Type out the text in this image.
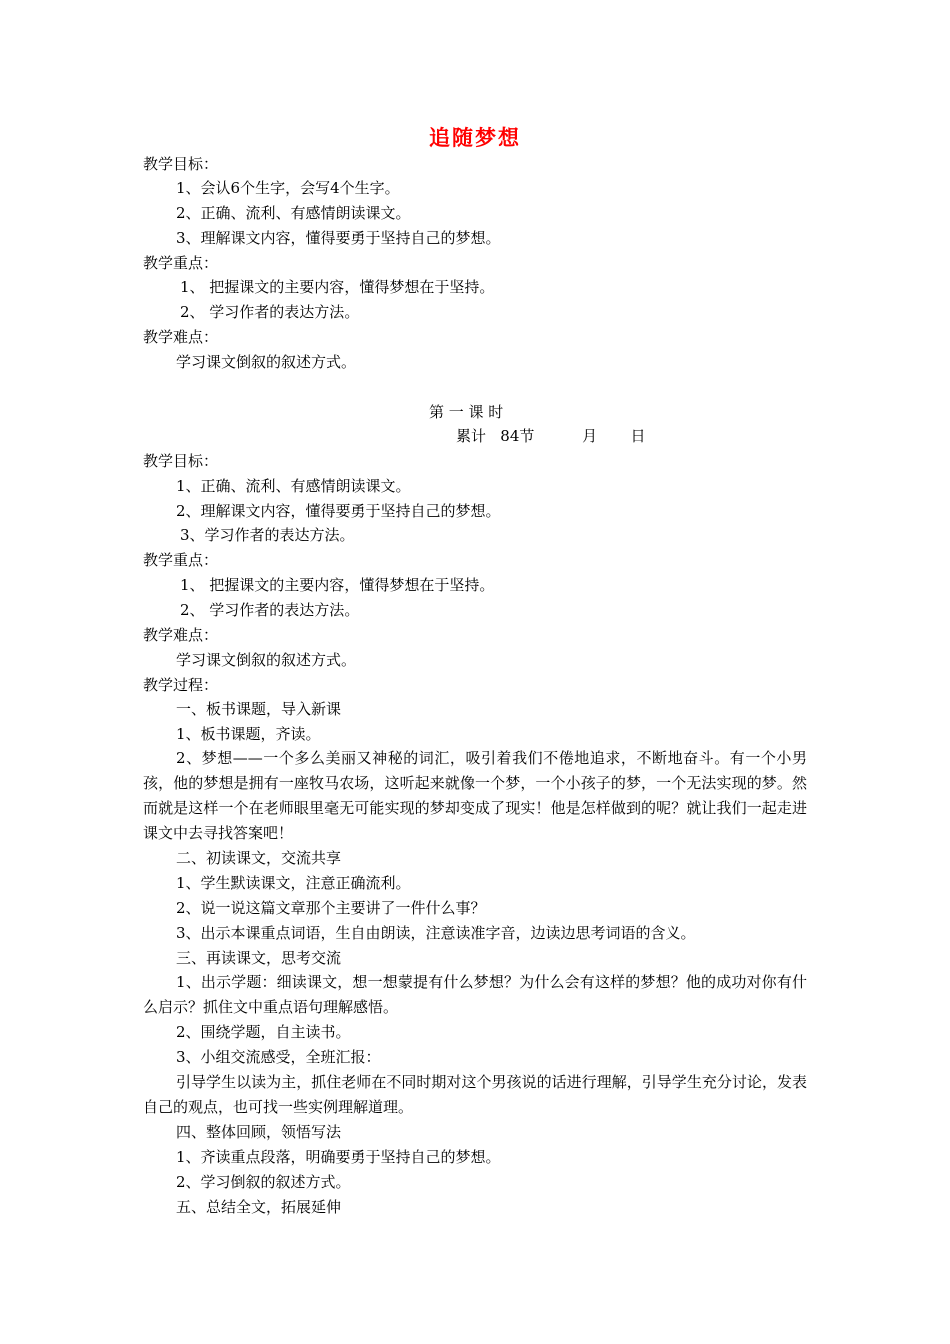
追随梦想
教学目标：
1、会认6个生字，会写4个生字。
2、正确、流利、有感情朗读课文。
3、理解课文内容，懂得要勇于坚持自己的梦想。
教学重点：
1、 把握课文的主要内容，懂得梦想在于坚持。
2、 学习作者的表达方法。
教学难点：
学习课文倒叙的叙述方式。
第 一 课 时
累计   84节          月       日
教学目标：
1、正确、流利、有感情朗读课文。
2、理解课文内容，懂得要勇于坚持自己的梦想。
3、学习作者的表达方法。
教学重点：
1、 把握课文的主要内容，懂得梦想在于坚持。
2、 学习作者的表达方法。
教学难点：
学习课文倒叙的叙述方式。
教学过程：
一、板书课题，导入新课
1、板书课题，齐读。
2、梦想——一个多么美丽又神秘的词汇，吸引着我们不倦地追求，不断地奋斗。有一个小男孩，他的梦想是拥有一座牧马农场，这听起来就像一个梦，一个小孩子的梦，一个无法实现的梦。然而就是这样一个在老师眼里毫无可能实现的梦却变成了现实！他是怎样做到的呢？就让我们一起走进课文中去寻找答案吧！
二、初读课文，交流共享
1、学生默读课文，注意正确流利。
2、说一说这篇文章那个主要讲了一件什么事？
3、出示本课重点词语，生自由朗读，注意读准字音，边读边思考词语的含义。
三、再读课文，思考交流
1、出示学题：细读课文，想一想蒙提有什么梦想？为什么会有这样的梦想？他的成功对你有什么启示？抓住文中重点语句理解感悟。
2、围绕学题，自主读书。
3、小组交流感受，全班汇报：
引导学生以读为主，抓住老师在不同时期对这个男孩说的话进行理解，引导学生充分讨论，发表自己的观点，也可找一些实例理解道理。
四、整体回顾，领悟写法
1、齐读重点段落，明确要勇于坚持自己的梦想。
2、学习倒叙的叙述方式。
五、总结全文，拓展延伸
